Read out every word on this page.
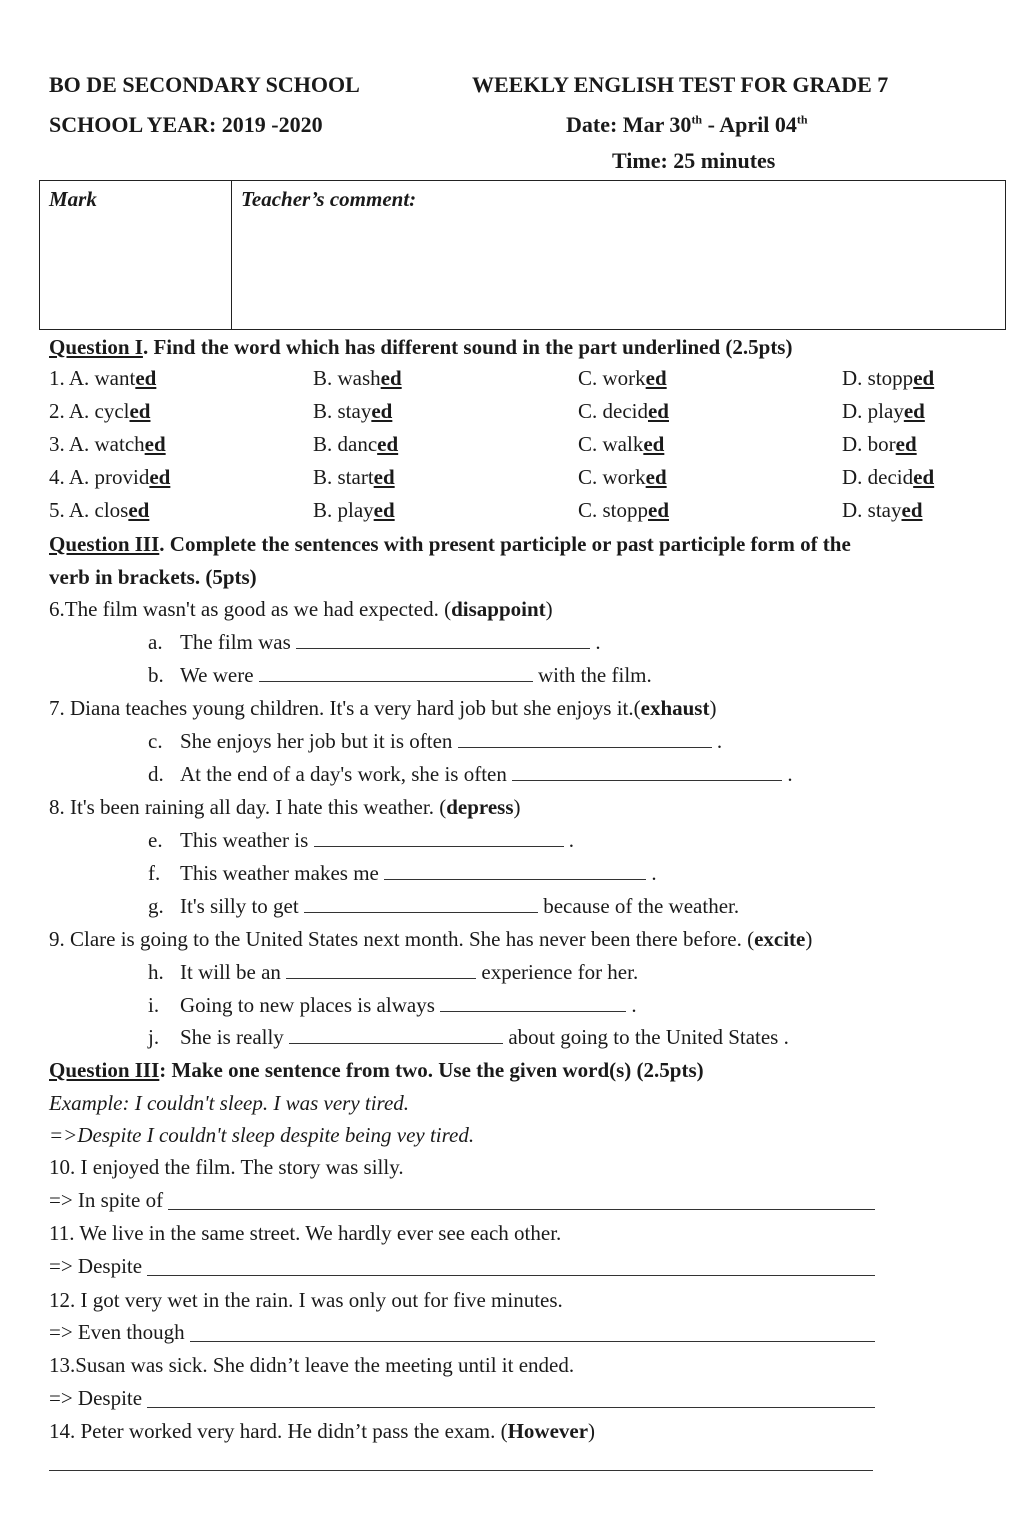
BO DE SECONDARY SCHOOL	WEEKLY ENGLISH TEST FOR GRADE 7
SCHOOL YEAR: 2019 -2020	Date: Mar 30th - April 04th
Time: 25 minutes
Mark	Teacher’s comment:
Question I. Find the word which has different sound in the part underlined (2.5pts)
1. A. wanted	B. washed	C. worked	D. stopped
2. A. cycled	B. stayed	C. decided	D. played
3. A. watched	B. danced	C. walked	D. bored
4. A. provided	B. started	C. worked	D. decided
5. A. closed	B. played	C. stopped	D. stayed
Question III. Complete the sentences with present participle or past participle form of the
verb in brackets. (5pts)
6.The film wasn't as good as we had expected. (disappoint)
7. Diana teaches young children. It's a very hard job but she enjoys it.(exhaust)
8. It's been raining all day. I hate this weather. (depress)
9. Clare is going to the United States next month. She has never been there before. (excite)
a. The film was	.
b. We were	with the film.
c. She enjoys her job but it is often	.
d. At the end of a day's work, she is often	.
e. This weather is	.
f. This weather makes me	.
g. It's silly to get	because of the weather.
h. It will be an	experience for her.
i. Going to new places is always	.
j. She is really	about going to the United States .
Question III: Make one sentence from two. Use the given word(s) (2.5pts)
Example: I couldn't sleep. I was very tired.
=>Despite I couldn't sleep despite being vey tired.
10. I enjoyed the film. The story was silly.
=> In spite of
11. We live in the same street. We hardly ever see each other.
=> Despite
12. I got very wet in the rain. I was only out for five minutes.
=> Even though
13.Susan was sick. She didn’t leave the meeting until it ended.
=> Despite
14. Peter worked very hard. He didn’t pass the exam. (However)
